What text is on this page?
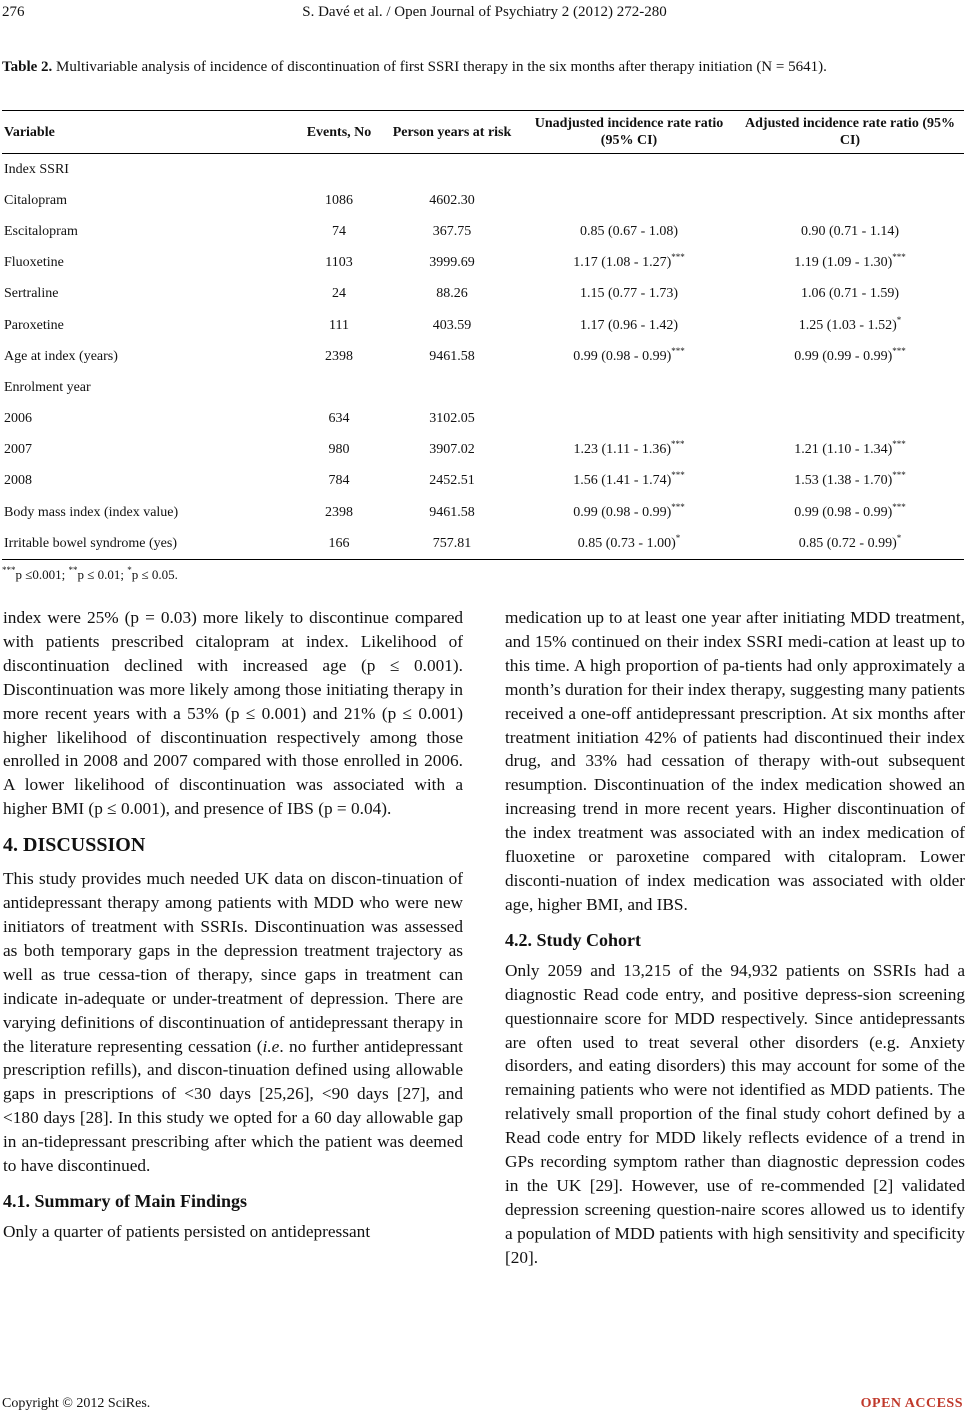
276	S. Davé et al. / Open Journal of Psychiatry 2 (2012) 272-280
Table 2. Multivariable analysis of incidence of discontinuation of first SSRI therapy in the six months after therapy initiation (N = 5641).
Variable	Events, No	Person years at risk	Unadjusted incidence rate ratio (95% CI)	Adjusted incidence rate ratio (95% CI)
Index SSRI				
Citalopram	1086	4602.30		
Escitalopram	74	367.75	0.85 (0.67 - 1.08)	0.90 (0.71 - 1.14)
Fluoxetine	1103	3999.69	1.17 (1.08 - 1.27)***	1.19 (1.09 - 1.30)***
Sertraline	24	88.26	1.15 (0.77 - 1.73)	1.06 (0.71 - 1.59)
Paroxetine	111	403.59	1.17 (0.96 - 1.42)	1.25 (1.03 - 1.52)*
Age at index (years)	2398	9461.58	0.99 (0.98 - 0.99)***	0.99 (0.99 - 0.99)***
Enrolment year				
2006	634	3102.05		
2007	980	3907.02	1.23 (1.11 - 1.36)***	1.21 (1.10 - 1.34)***
2008	784	2452.51	1.56 (1.41 - 1.74)***	1.53 (1.38 - 1.70)***
Body mass index (index value)	2398	9461.58	0.99 (0.98 - 0.99)***	0.99 (0.98 - 0.99)***
Irritable bowel syndrome (yes)	166	757.81	0.85 (0.73 - 1.00)*	0.85 (0.72 - 0.99)*
***p ≤0.001; **p ≤ 0.01; *p ≤ 0.05.

index were 25% (p = 0.03) more likely to discontinue compared with patients prescribed citalopram at index. Likelihood of discontinuation declined with increased age (p ≤ 0.001). Discontinuation was more likely among those initiating therapy in more recent years with a 53% (p ≤ 0.001) and 21% (p ≤ 0.001) higher likelihood of discontinuation respectively among those enrolled in 2008 and 2007 compared with those enrolled in 2006. A lower likelihood of discontinuation was associated with a higher BMI (p ≤ 0.001), and presence of IBS (p = 0.04).

4. DISCUSSION

This study provides much needed UK data on discon-tinuation of antidepressant therapy among patients with MDD who were new initiators of treatment with SSRIs. Discontinuation was assessed as both temporary gaps in the depression treatment trajectory as well as true cessa-tion of therapy, since gaps in treatment can indicate in-adequate or under-treatment of depression. There are varying definitions of discontinuation of antidepressant therapy in the literature representing cessation (i.e. no further antidepressant prescription refills), and discon-tinuation defined using allowable gaps in prescriptions of <30 days [25,26], <90 days [27], and <180 days [28]. In this study we opted for a 60 day allowable gap in an-tidepressant prescribing after which the patient was deemed to have discontinued.

4.1. Summary of Main Findings

Only a quarter of patients persisted on antidepressant

medication up to at least one year after initiating MDD treatment, and 15% continued on their index SSRI medi-cation at least up to this time. A high proportion of pa-tients had only approximately a month’s duration for their index therapy, suggesting many patients received a one-off antidepressant prescription. At six months after treatment initiation 42% of patients had discontinued their index drug, and 33% had cessation of therapy with-out subsequent resumption. Discontinuation of the index medication showed an increasing trend in more recent years. Higher discontinuation of the index treatment was associated with an index medication of fluoxetine or paroxetine compared with citalopram. Lower disconti-nuation of index medication was associated with older age, higher BMI, and IBS.

4.2. Study Cohort

Only 2059 and 13,215 of the 94,932 patients on SSRIs had a diagnostic Read code entry, and positive depress-sion screening questionnaire score for MDD respectively. Since antidepressants are often used to treat several other disorders (e.g. Anxiety disorders, and eating disorders) this may account for some of the remaining patients who were not identified as MDD patients. The relatively small proportion of the final study cohort defined by a Read code entry for MDD likely reflects evidence of a trend in GPs recording symptom rather than diagnostic depression codes in the UK [29]. However, use of re-commended [2] validated depression screening question-naire scores allowed us to identify a population of MDD patients with high sensitivity and specificity [20].

Copyright © 2012 SciRes.	OPEN ACCESS
